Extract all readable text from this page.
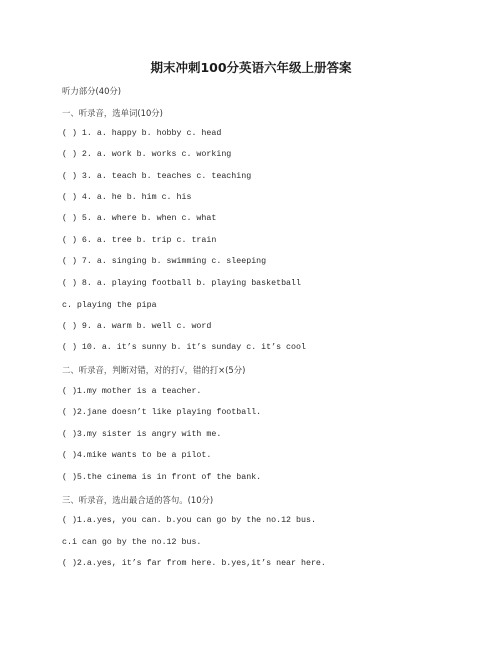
期末冲刺100分英语六年级上册答案
听力部分(40分)
一、听录音，选单词(10分)
( ) 1. a. happy b. hobby c. head
( ) 2. a. work b. works c. working
( ) 3. a. teach b. teaches c. teaching
( ) 4. a. he b. him c. his
( ) 5. a. where b. when c. what
( ) 6. a. tree b. trip c. train
( ) 7. a. singing b. swimming c. sleeping
( ) 8. a. playing football b. playing basketball
c. playing the pipa
( ) 9. a. warm b. well c. word
( ) 10. a. it’s sunny b. it’s sunday c. it’s cool
二、听录音，判断对错，对的打√，错的打×(5分)
( )1.my mother is a teacher.
( )2.jane doesn’t like playing football.
( )3.my sister is angry with me.
( )4.mike wants to be a pilot.
( )5.the cinema is in front of the bank.
三、听录音，选出最合适的答句。(10分)
( )1.a.yes, you can. b.you can go by the no.12 bus.
c.i can go by the no.12 bus.
( )2.a.yes, it’s far from here. b.yes,it’s near here.
